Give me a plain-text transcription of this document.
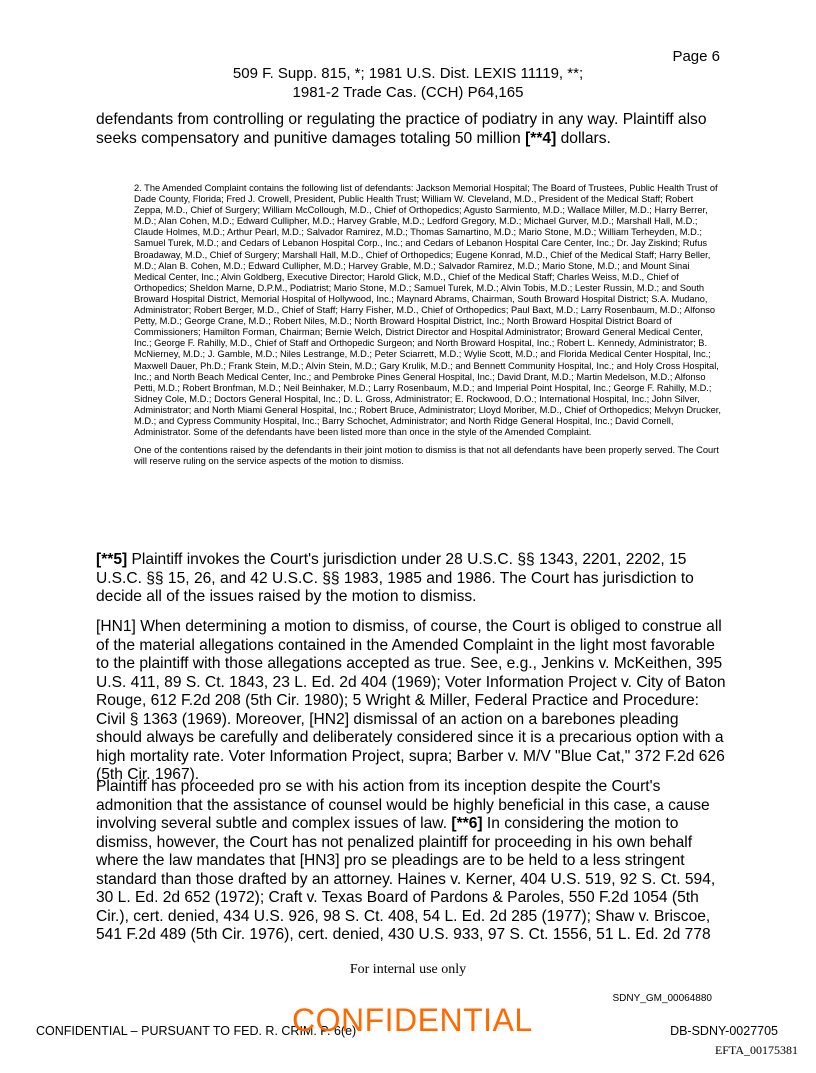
Page 6
509 F. Supp. 815, *; 1981 U.S. Dist. LEXIS 11119, **;
1981-2 Trade Cas. (CCH) P64,165

defendants from controlling or regulating the practice of podiatry in any way. Plaintiff also seeks compensatory and punitive damages totaling 50 million [**4] dollars.

2. The Amended Complaint contains the following list of defendants: Jackson Memorial Hospital; The Board of Trustees, Public Health Trust of Dade County, Florida; Fred J. Crowell, President, Public Health Trust; William W. Cleveland, M.D., President of the Medical Staff; Robert Zeppa, M.D., Chief of Surgery; William McCollough, M.D., Chief of Orthopedics; Agusto Sarmiento, M.D.; Wallace Miller, M.D.; Harry Berrer, M.D.; Alan Cohen, M.D.; Edward Cullipher, M.D.; Harvey Grable, M.D.; Ledford Gregory, M.D.; Michael Gurver, M.D.; Marshall Hall, M.D.; Claude Holmes, M.D.; Arthur Pearl, M.D.; Salvador Ramirez, M.D.; Thomas Samartino, M.D.; Mario Stone, M.D.; William Terheyden, M.D.; Samuel Turek, M.D.; and Cedars of Lebanon Hospital Corp., Inc.; and Cedars of Lebanon Hospital Care Center, Inc.; Dr. Jay Ziskind; Rufus Broadaway, M.D., Chief of Surgery; Marshall Hall, M.D., Chief of Orthopedics; Eugene Konrad, M.D., Chief of the Medical Staff; Harry Beller, M.D.; Alan B. Cohen, M.D.; Edward Cullipher, M.D.; Harvey Grable, M.D.; Salvador Ramirez, M.D.; Mario Stone, M.D.; and Mount Sinai Medical Center, Inc.; Alvin Goldberg, Executive Director; Harold Glick, M.D., Chief of the Medical Staff; Charles Weiss, M.D., Chief of Orthopedics; Sheldon Marne, D.P.M., Podiatrist; Mario Stone, M.D.; Samuel Turek, M.D.; Alvin Tobis, M.D.; Lester Russin, M.D.; and South Broward Hospital District, Memorial Hospital of Hollywood, Inc.; Maynard Abrams, Chairman, South Broward Hospital District; S.A. Mudano, Administrator; Robert Berger, M.D., Chief of Staff; Harry Fisher, M.D., Chief of Orthopedics; Paul Baxt, M.D.; Larry Rosenbaum, M.D.; Alfonso Petty, M.D.; George Crane, M.D.; Robert Niles, M.D.; North Broward Hospital District, Inc.; North Broward Hospital District Board of Commissioners; Hamilton Forman, Chairman; Bernie Welch, District Director and Hospital Administrator; Broward General Medical Center, Inc.; George F. Rahilly, M.D., Chief of Staff and Orthopedic Surgeon; and North Broward Hospital, Inc.; Robert L. Kennedy, Administrator; B. McNierney, M.D.; J. Gamble, M.D.; Niles Lestrange, M.D.; Peter Sciarrett, M.D.; Wylie Scott, M.D.; and Florida Medical Center Hospital, Inc.; Maxwell Dauer, Ph.D.; Frank Stein, M.D.; Alvin Stein, M.D.; Gary Krulik, M.D.; and Bennett Community Hospital, Inc.; and Holy Cross Hospital, Inc.; and North Beach Medical Center, Inc.; and Pembroke Pines General Hospital, Inc.; David Drant, M.D.; Martin Medelson, M.D.; Alfonso Petti, M.D.; Robert Bronfman, M.D.; Neil Beinhaker, M.D.; Larry Rosenbaum, M.D.; and Imperial Point Hospital, Inc.; George F. Rahilly, M.D.; Sidney Cole, M.D.; Doctors General Hospital, Inc.; D. L. Gross, Administrator; E. Rockwood, D.O.; International Hospital, Inc.; John Silver, Administrator; and North Miami General Hospital, Inc.; Robert Bruce, Administrator; Lloyd Moriber, M.D., Chief of Orthopedics; Melvyn Drucker, M.D.; and Cypress Community Hospital, Inc.; Barry Schochet, Administrator; and North Ridge General Hospital, Inc.; David Cornell, Administrator. Some of the defendants have been listed more than once in the style of the Amended Complaint.

One of the contentions raised by the defendants in their joint motion to dismiss is that not all defendants have been properly served. The Court will reserve ruling on the service aspects of the motion to dismiss.

[**5] Plaintiff invokes the Court's jurisdiction under 28 U.S.C. §§ 1343, 2201, 2202, 15 U.S.C. §§ 15, 26, and 42 U.S.C. §§ 1983, 1985 and 1986. The Court has jurisdiction to decide all of the issues raised by the motion to dismiss.

[HN1] When determining a motion to dismiss, of course, the Court is obliged to construe all of the material allegations contained in the Amended Complaint in the light most favorable to the plaintiff with those allegations accepted as true. See, e.g., Jenkins v. McKeithen, 395 U.S. 411, 89 S. Ct. 1843, 23 L. Ed. 2d 404 (1969); Voter Information Project v. City of Baton Rouge, 612 F.2d 208 (5th Cir. 1980); 5 Wright & Miller, Federal Practice and Procedure: Civil § 1363 (1969). Moreover, [HN2] dismissal of an action on a barebones pleading should always be carefully and deliberately considered since it is a precarious option with a high mortality rate. Voter Information Project, supra; Barber v. M/V "Blue Cat," 372 F.2d 626 (5th Cir. 1967).

Plaintiff has proceeded pro se with his action from its inception despite the Court's admonition that the assistance of counsel would be highly beneficial in this case, a cause involving several subtle and complex issues of law. [**6] In considering the motion to dismiss, however, the Court has not penalized plaintiff for proceeding in his own behalf where the law mandates that [HN3] pro se pleadings are to be held to a less stringent standard than those drafted by an attorney. Haines v. Kerner, 404 U.S. 519, 92 S. Ct. 594, 30 L. Ed. 2d 652 (1972); Craft v. Texas Board of Pardons & Paroles, 550 F.2d 1054 (5th Cir.), cert. denied, 434 U.S. 926, 98 S. Ct. 408, 54 L. Ed. 2d 285 (1977); Shaw v. Briscoe, 541 F.2d 489 (5th Cir. 1976), cert. denied, 430 U.S. 933, 97 S. Ct. 1556, 51 L. Ed. 2d 778

For internal use only
SDNY_GM_00064880
CONFIDENTIAL – PURSUANT TO FED. R. CRIM. P. 6(e)
CONFIDENTIAL	DB-SDNY-0027705
EFTA_00175381
